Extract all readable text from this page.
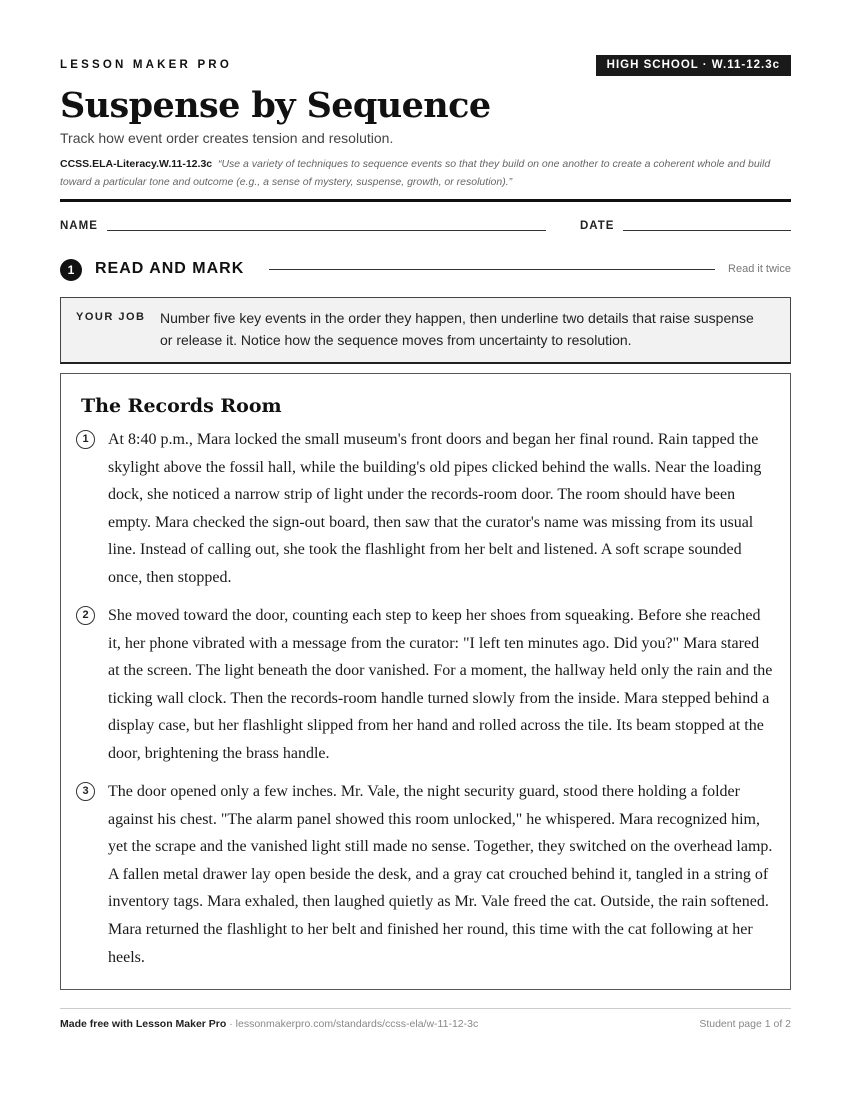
LESSON MAKER PRO	HIGH SCHOOL · W.11-12.3c
Suspense by Sequence
Track how event order creates tension and resolution.
CCSS.ELA-Literacy.W.11-12.3c “Use a variety of techniques to sequence events so that they build on one another to create a coherent whole and build toward a particular tone and outcome (e.g., a sense of mystery, suspense, growth, or resolution).”
NAME	DATE
1	READ AND MARK	Read it twice
YOUR JOB Number five key events in the order they happen, then underline two details that raise suspense or release it. Notice how the sequence moves from uncertainty to resolution.
The Records Room
1	At 8:40 p.m., Mara locked the small museum's front doors and began her final round. Rain tapped the skylight above the fossil hall, while the building's old pipes clicked behind the walls. Near the loading dock, she noticed a narrow strip of light under the records-room door. The room should have been empty. Mara checked the sign-out board, then saw that the curator's name was missing from its usual line. Instead of calling out, she took the flashlight from her belt and listened. A soft scrape sounded once, then stopped.

2	She moved toward the door, counting each step to keep her shoes from squeaking. Before she reached it, her phone vibrated with a message from the curator: "I left ten minutes ago. Did you?" Mara stared at the screen. The light beneath the door vanished. For a moment, the hallway held only the rain and the ticking wall clock. Then the records-room handle turned slowly from the inside. Mara stepped behind a display case, but her flashlight slipped from her hand and rolled across the tile. Its beam stopped at the door, brightening the brass handle.

3	The door opened only a few inches. Mr. Vale, the night security guard, stood there holding a folder against his chest. "The alarm panel showed this room unlocked," he whispered. Mara recognized him, yet the scrape and the vanished light still made no sense. Together, they switched on the overhead lamp. A fallen metal drawer lay open beside the desk, and a gray cat crouched behind it, tangled in a string of inventory tags. Mara exhaled, then laughed quietly as Mr. Vale freed the cat. Outside, the rain softened. Mara returned the flashlight to her belt and finished her round, this time with the cat following at her heels.

Made free with Lesson Maker Pro · lessonmakerpro.com/standards/ccss-ela/w-11-12-3c	Student page 1 of 2
